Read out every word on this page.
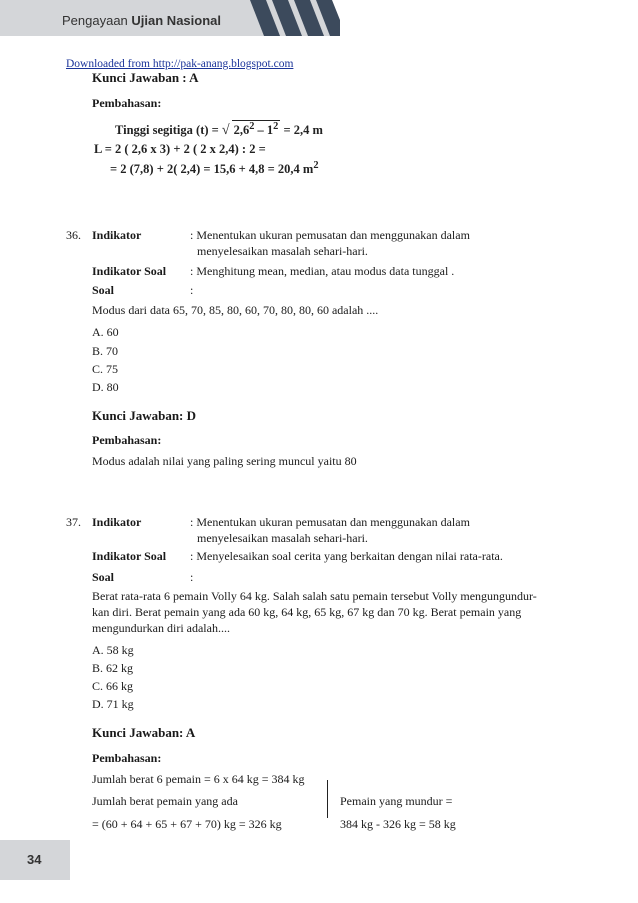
Pengayaan Ujian Nasional
Downloaded from http://pak-anang.blogspot.com
Kunci Jawaban : A
Pembahasan:
Tinggi segitiga (t) = √ $2,6^2 - 1^2 = 2,4$ m
L = 2 ( 2,6 x 3) + 2 ( 2 x 2,4) : 2 =
= 2 (7,8) + 2( 2,4) = 15,6 + 4,8 = 20,4 $m^2$
36. Indikator	: Menentukan ukuran pemusatan dan menggunakan dalam
menyelesaikan masalah sehari-hari.
Indikator Soal : Menghitung mean, median, atau modus data tunggal .
Soal	:
Modus dari data 65, 70, 85, 80, 60, 70, 80, 80, 60 adalah ....
A. 60
B. 70
C. 75
D. 80
Kunci Jawaban: D
Pembahasan:
Modus adalah nilai yang paling sering muncul yaitu 80
37. Indikator	: Menentukan ukuran pemusatan dan menggunakan dalam
menyelesaikan masalah sehari-hari.
Indikator Soal : Menyelesaikan soal cerita yang berkaitan dengan nilai rata-rata.
Soal	:
Berat rata-rata 6 pemain Volly 64 kg. Salah salah satu pemain tersebut Volly mengungundur-
kan diri. Berat pemain yang ada 60 kg, 64 kg, 65 kg, 67 kg dan 70 kg. Berat pemain yang
mengundurkan diri adalah....
A. 58 kg
B. 62 kg
C. 66 kg
D. 71 kg
Kunci Jawaban: A
Pembahasan:
Jumlah berat 6 pemain = 6 x 64 kg = 384 kg
Jumlah berat pemain yang ada	Pemain yang mundur =
= (60 + 64 + 65 + 67 + 70) kg = 326 kg	384 kg - 326 kg = 58 kg
34
